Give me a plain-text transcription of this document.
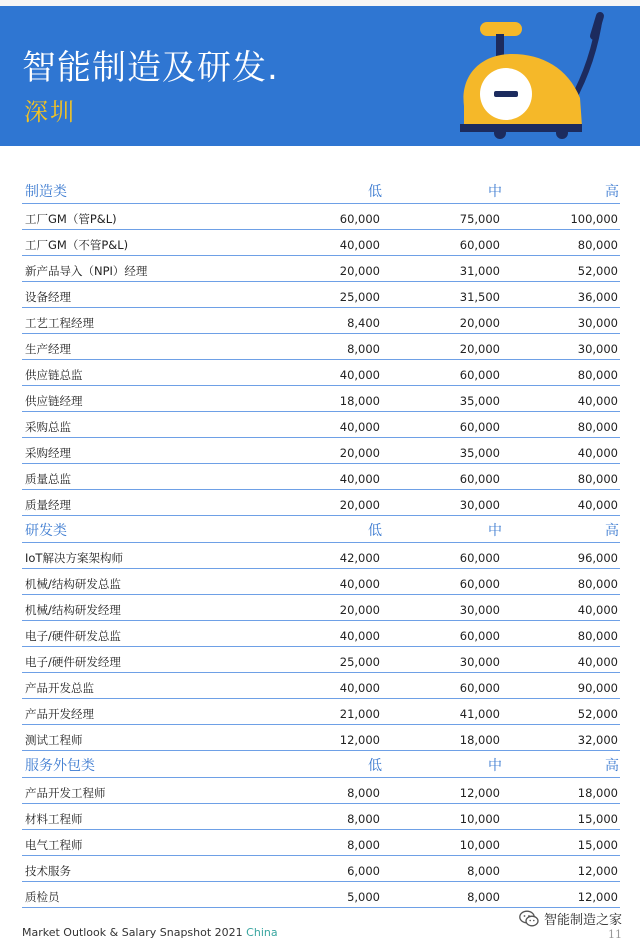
智能制造及研发.
深圳
制造类	低	中	高
工厂GM（管P&L)	60,000	75,000	100,000
工厂GM（不管P&L)	40,000	60,000	80,000
新产品导入（NPI）经理	20,000	31,000	52,000
设备经理	25,000	31,500	36,000
工艺工程经理	8,400	20,000	30,000
生产经理	8,000	20,000	30,000
供应链总监	40,000	60,000	80,000
供应链经理	18,000	35,000	40,000
采购总监	40,000	60,000	80,000
采购经理	20,000	35,000	40,000
质量总监	40,000	60,000	80,000
质量经理	20,000	30,000	40,000
研发类	低	中	高
IoT解决方案架构师	42,000	60,000	96,000
机械/结构研发总监	40,000	60,000	80,000
机械/结构研发经理	20,000	30,000	40,000
电子/硬件研发总监	40,000	60,000	80,000
电子/硬件研发经理	25,000	30,000	40,000
产品开发总监	40,000	60,000	90,000
产品开发经理	21,000	41,000	52,000
测试工程师	12,000	18,000	32,000
服务外包类	低	中	高
产品开发工程师	8,000	12,000	18,000
材料工程师	8,000	10,000	15,000
电气工程师	8,000	10,000	15,000
技术服务	6,000	8,000	12,000
质检员	5,000	8,000	12,000
智能制造之家
Market Outlook & Salary Snapshot 2021 China	11
